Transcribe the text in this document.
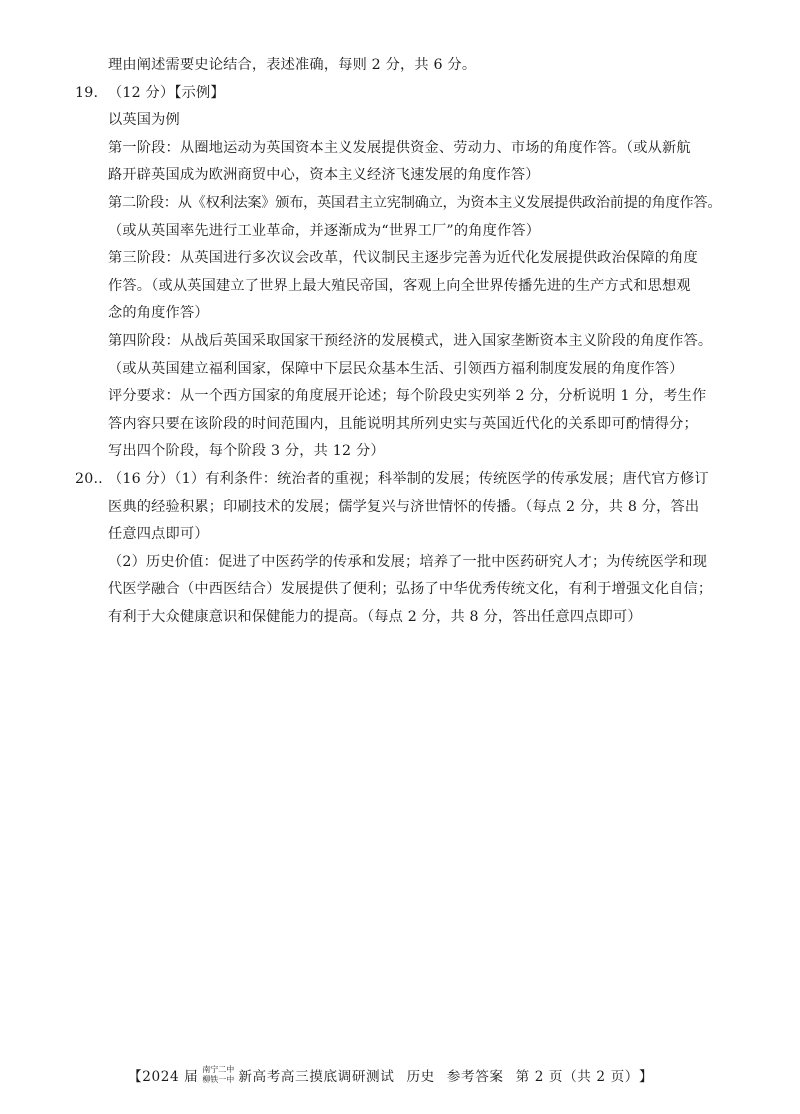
理由阐述需要史论结合，表述准确，每则 2 分，共 6 分。
19. （12 分）【示例】
以英国为例
第一阶段：从圈地运动为英国资本主义发展提供资金、劳动力、市场的角度作答。（或从新航
路开辟英国成为欧洲商贸中心，资本主义经济飞速发展的角度作答）
第二阶段：从《权利法案》颁布，英国君主立宪制确立，为资本主义发展提供政治前提的角度作答。
（或从英国率先进行工业革命，并逐渐成为“世界工厂”的角度作答）
第三阶段：从英国进行多次议会改革，代议制民主逐步完善为近代化发展提供政治保障的角度
作答。（或从英国建立了世界上最大殖民帝国，客观上向全世界传播先进的生产方式和思想观
念的角度作答）
第四阶段：从战后英国采取国家干预经济的发展模式，进入国家垄断资本主义阶段的角度作答。
（或从英国建立福利国家，保障中下层民众基本生活、引领西方福利制度发展的角度作答）
评分要求：从一个西方国家的角度展开论述；每个阶段史实列举 2 分，分析说明 1 分，考生作
答内容只要在该阶段的时间范围内，且能说明其所列史实与英国近代化的关系即可酌情得分；
写出四个阶段，每个阶段 3 分，共 12 分）
20.. （16 分）（1）有利条件：统治者的重视；科举制的发展；传统医学的传承发展；唐代官方修订
医典的经验积累；印刷技术的发展；儒学复兴与济世情怀的传播。（每点 2 分，共 8 分，答出
任意四点即可）
（2）历史价值：促进了中医药学的传承和发展；培养了一批中医药研究人才；为传统医学和现
代医学融合（中西医结合）发展提供了便利；弘扬了中华优秀传统文化，有利于增强文化自信；
有利于大众健康意识和保健能力的提高。（每点 2 分，共 8 分，答出任意四点即可）
【2024 届 南宁二中
柳铁一中 新高考高三摸底调研测试 历史 参考答案 第 2 页（共 2 页） 】
